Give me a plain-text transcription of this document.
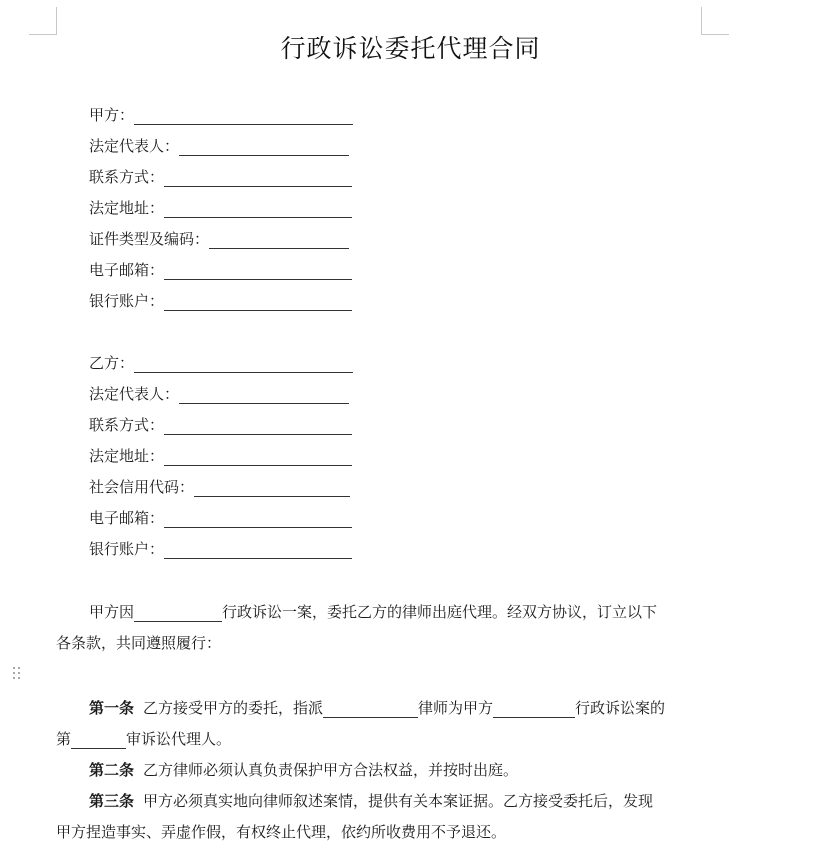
行政诉讼委托代理合同
甲方：
法定代表人：
联系方式：
法定地址：
证件类型及编码：
电子邮箱：
银行账户：
乙方：
法定代表人：
联系方式：
法定地址：
社会信用代码：
电子邮箱：
银行账户：
甲方因	行政诉讼一案，委托乙方的律师出庭代理。经双方协议，订立以下
各条款，共同遵照履行：
第一条 乙方接受甲方的委托，指派	律师为甲方	行政诉讼案的
第	审诉讼代理人。
第二条 乙方律师必须认真负责保护甲方合法权益，并按时出庭。
第三条 甲方必须真实地向律师叙述案情，提供有关本案证据。乙方接受委托后，发现
甲方捏造事实、弄虚作假，有权终止代理，依约所收费用不予退还。
